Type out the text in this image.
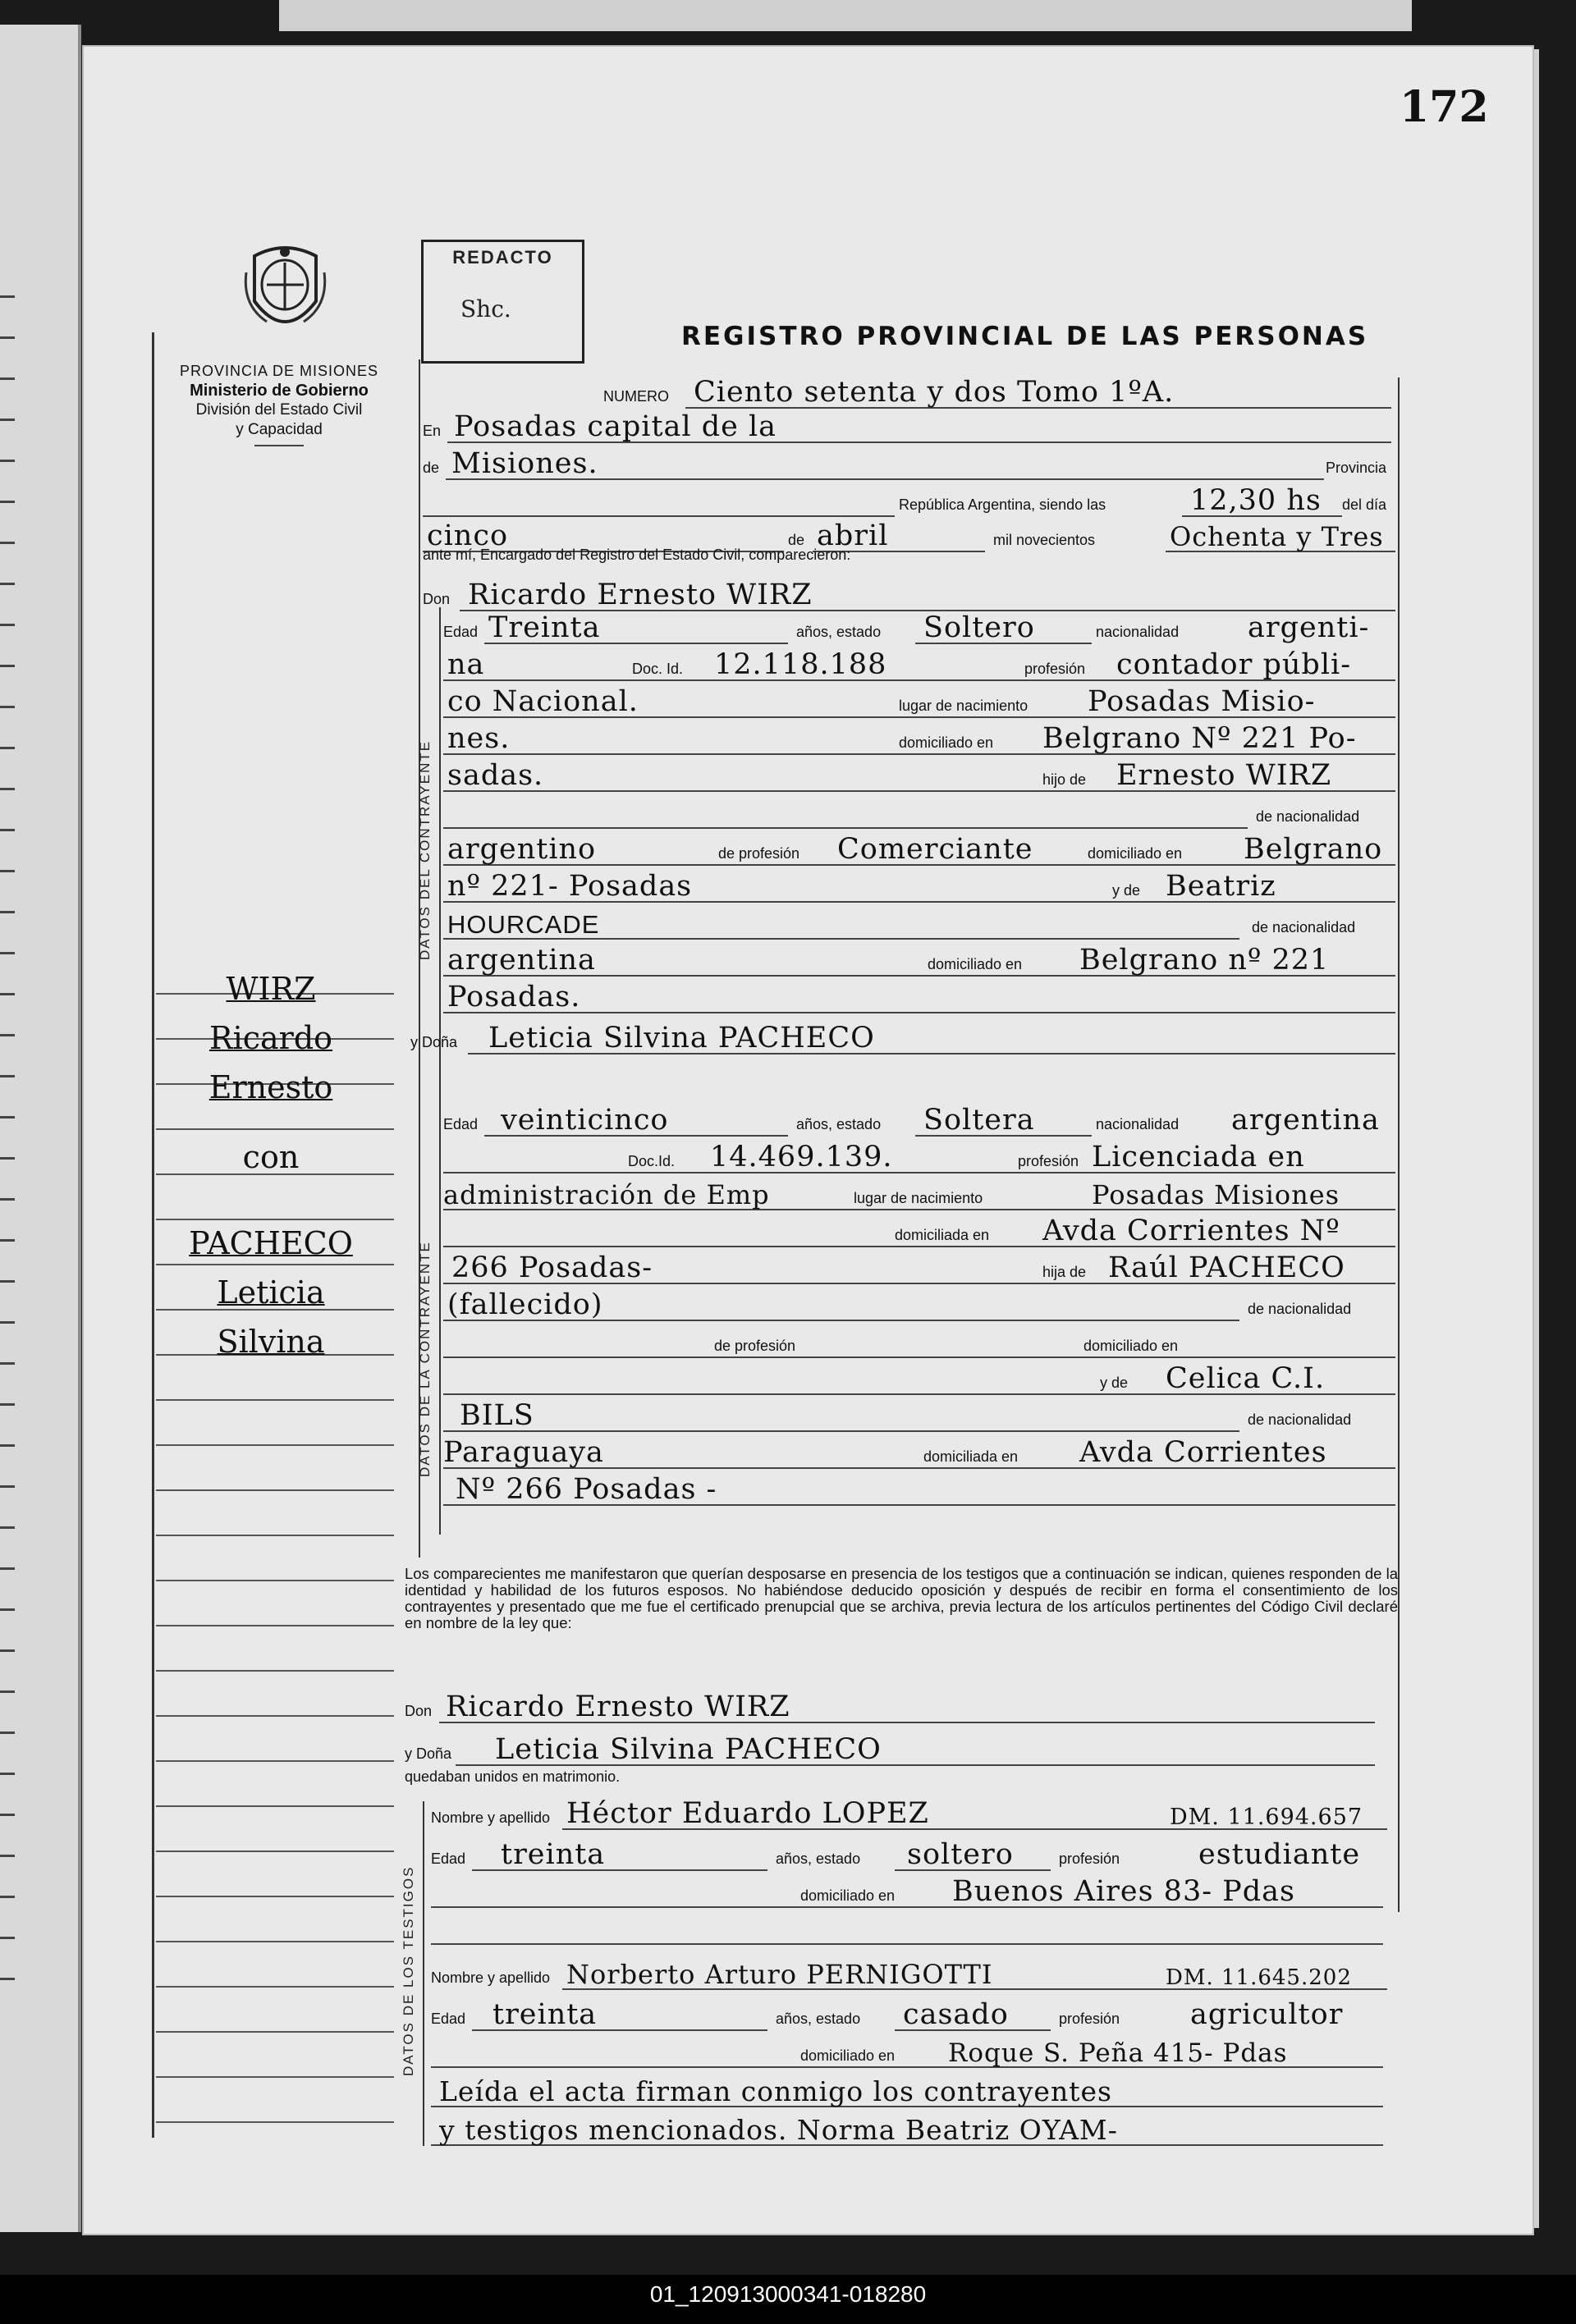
172
PROVINCIA DE MISIONES
Ministerio de Gobierno
División del Estado Civil
y Capacidad
REDACTO
Shc.
REGISTRO PROVINCIAL DE LAS PERSONAS
WIRZ
Ricardo
Ernesto
con
PACHECO
Leticia
Silvina
NUMERO Ciento setenta y dos Tomo 1ºA.
En Posadas capital de la
de Misiones.	Provincia
República Argentina, siendo las	12,30 hs del día
cinco	de abril	mil novecientos	Ochenta y Tres
ante mí, Encargado del Registro del Estado Civil, comparecieron:
Don Ricardo Ernesto WIRZ
DATOS DEL CONTRAYENTE
Edad Treinta	años, estado Soltero	nacionalidad argenti-
na	Doc. Id. 12.118.188	profesión contador públi-
co Nacional.	lugar de nacimiento Posadas Misio-
nes.	domiciliado en Belgrano Nº 221 Po-
sadas.	hijo de Ernesto WIRZ
de nacionalidad
argentino	de profesión Comerciante	domiciliado en Belgrano
nº 221- Posadas	y de Beatriz
HOURCADE	de nacionalidad
argentina	domiciliado en Belgrano nº 221
Posadas.
y Doña Leticia Silvina PACHECO
DATOS DE LA CONTRAYENTE
Edad veinticinco	años, estado Soltera	nacionalidad argentina
Doc.Id. 14.469.139.	profesión Licenciada en
administración de Emp	lugar de nacimiento	Posadas Misiones
domiciliada en Avda Corrientes Nº
266 Posadas-	hija de Raúl PACHECO
(fallecido)	de nacionalidad
de profesión	domiciliado en
y de Celica C.I.
BILS	de nacionalidad
Paraguaya	domiciliada en Avda Corrientes
Nº 266 Posadas -
Los comparecientes me manifestaron que querían desposarse en presencia de los testigos que a continuación se indican, quienes responden de la identidad y habilidad de los futuros esposos. No habiéndose deducido oposición y después de recibir en forma el consentimiento de los contrayentes y presentado que me fue el certificado prenupcial que se archiva, previa lectura de los artículos pertinentes del Código Civil declaré en nombre de la ley que:
Don Ricardo Ernesto WIRZ
y Doña Leticia Silvina PACHECO
quedaban unidos en matrimonio.
DATOS DE LOS TESTIGOS
Nombre y apellido Héctor Eduardo LOPEZ	DM. 11.694.657
Edad treinta	años, estado soltero	profesión	estudiante
domiciliado en Buenos Aires 83- Pdas
Nombre y apellido Norberto Arturo PERNIGOTTI	DM. 11.645.202
Edad treinta	años, estado casado	profesión agricultor
domiciliado en Roque S. Peña 415- Pdas
Leída el acta firman conmigo los contrayentes
y testigos mencionados. Norma Beatriz OYAM-
01_120913000341-018280
